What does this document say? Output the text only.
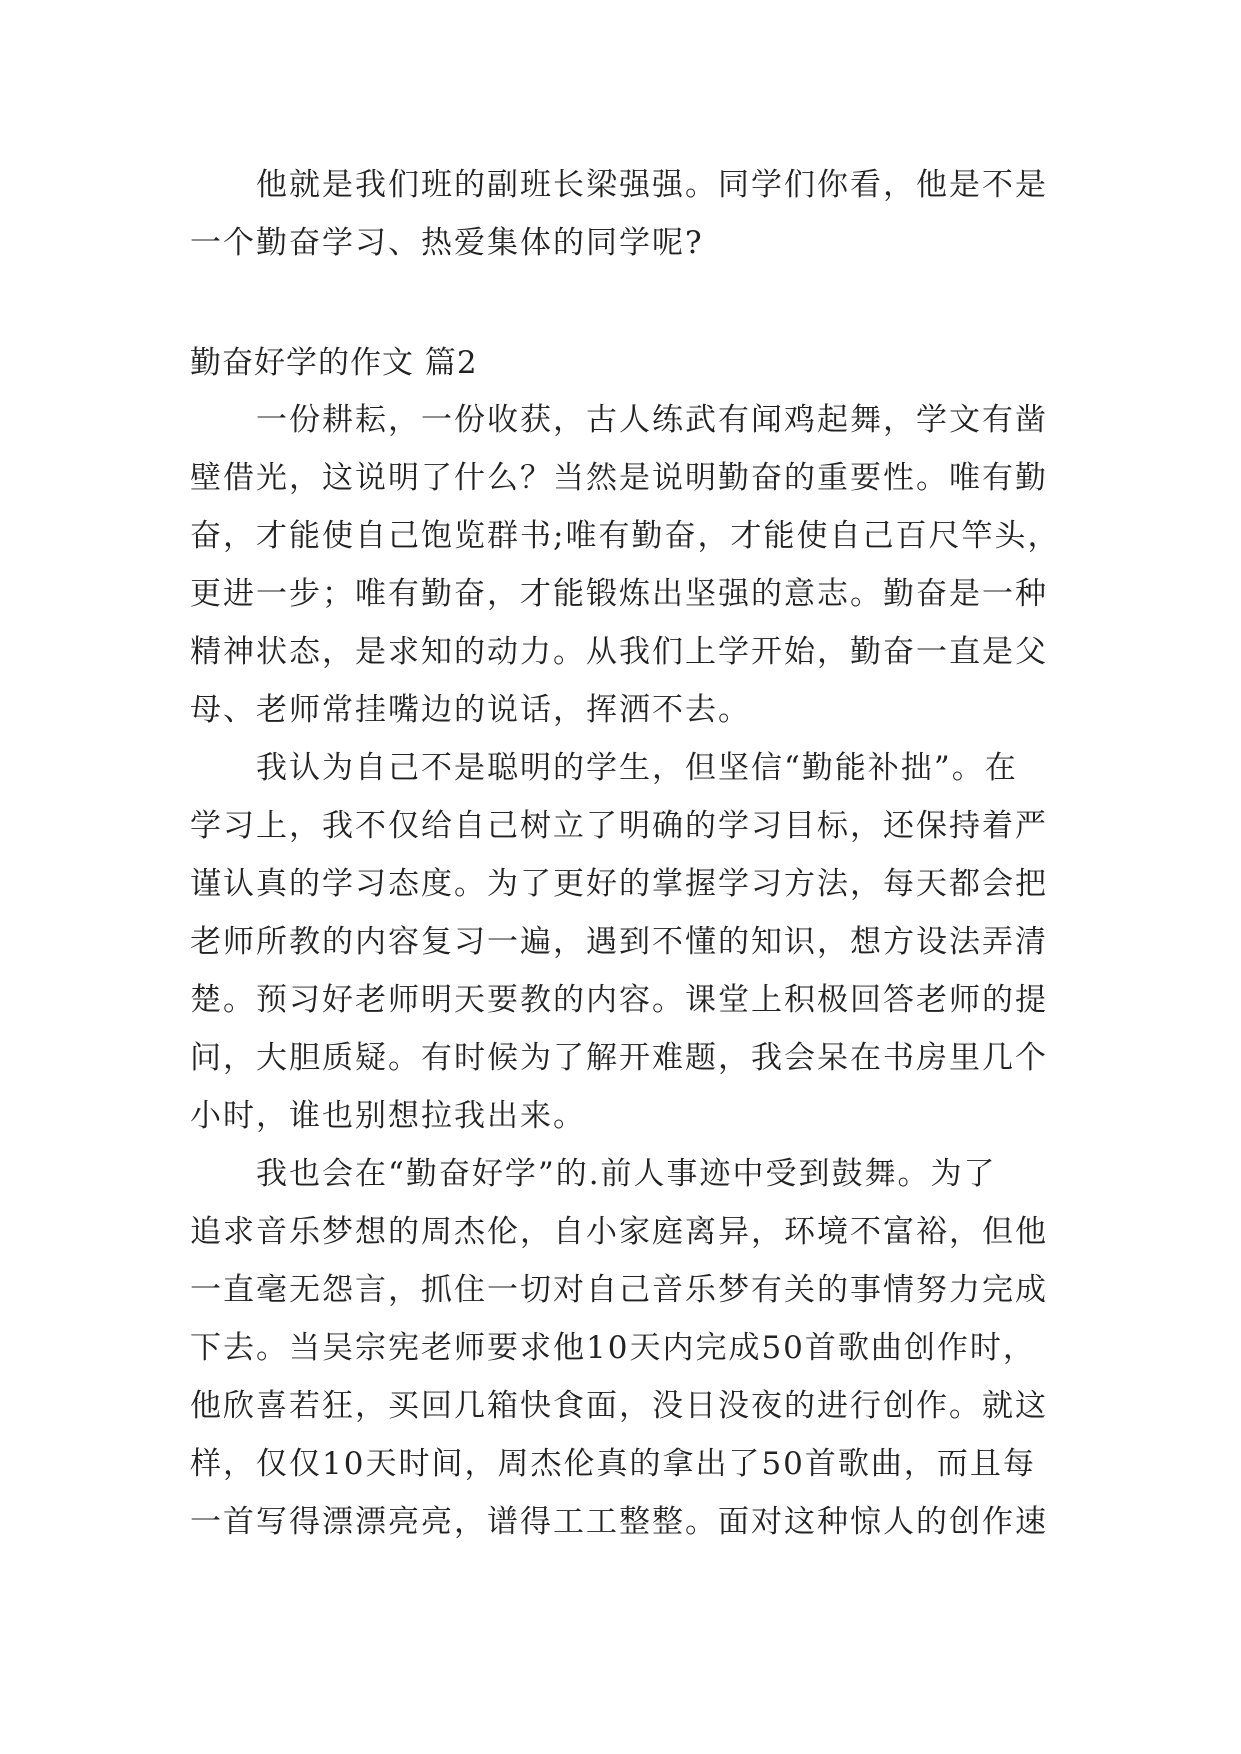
　　他就是我们班的副班长梁强强。同学们你看，他是不是
一个勤奋学习、热爱集体的同学呢?
勤奋好学的作文 篇2
　　一份耕耘，一份收获，古人练武有闻鸡起舞，学文有凿
壁借光，这说明了什么？当然是说明勤奋的重要性。唯有勤
奋，才能使自己饱览群书;唯有勤奋，才能使自己百尺竿头，
更进一步；唯有勤奋，才能锻炼出坚强的意志。勤奋是一种
精神状态，是求知的动力。从我们上学开始，勤奋一直是父
母、老师常挂嘴边的说话，挥洒不去。
　　我认为自己不是聪明的学生，但坚信“勤能补拙”。在
学习上，我不仅给自己树立了明确的学习目标，还保持着严
谨认真的学习态度。为了更好的掌握学习方法，每天都会把
老师所教的内容复习一遍，遇到不懂的知识，想方设法弄清
楚。预习好老师明天要教的内容。课堂上积极回答老师的提
问，大胆质疑。有时候为了解开难题，我会呆在书房里几个
小时，谁也别想拉我出来。
　　我也会在“勤奋好学”的.前人事迹中受到鼓舞。为了
追求音乐梦想的周杰伦，自小家庭离异，环境不富裕，但他
一直毫无怨言，抓住一切对自己音乐梦有关的事情努力完成
下去。当吴宗宪老师要求他10天内完成50首歌曲创作时，
他欣喜若狂，买回几箱快食面，没日没夜的进行创作。就这
样，仅仅10天时间，周杰伦真的拿出了50首歌曲，而且每
一首写得漂漂亮亮，谱得工工整整。面对这种惊人的创作速
